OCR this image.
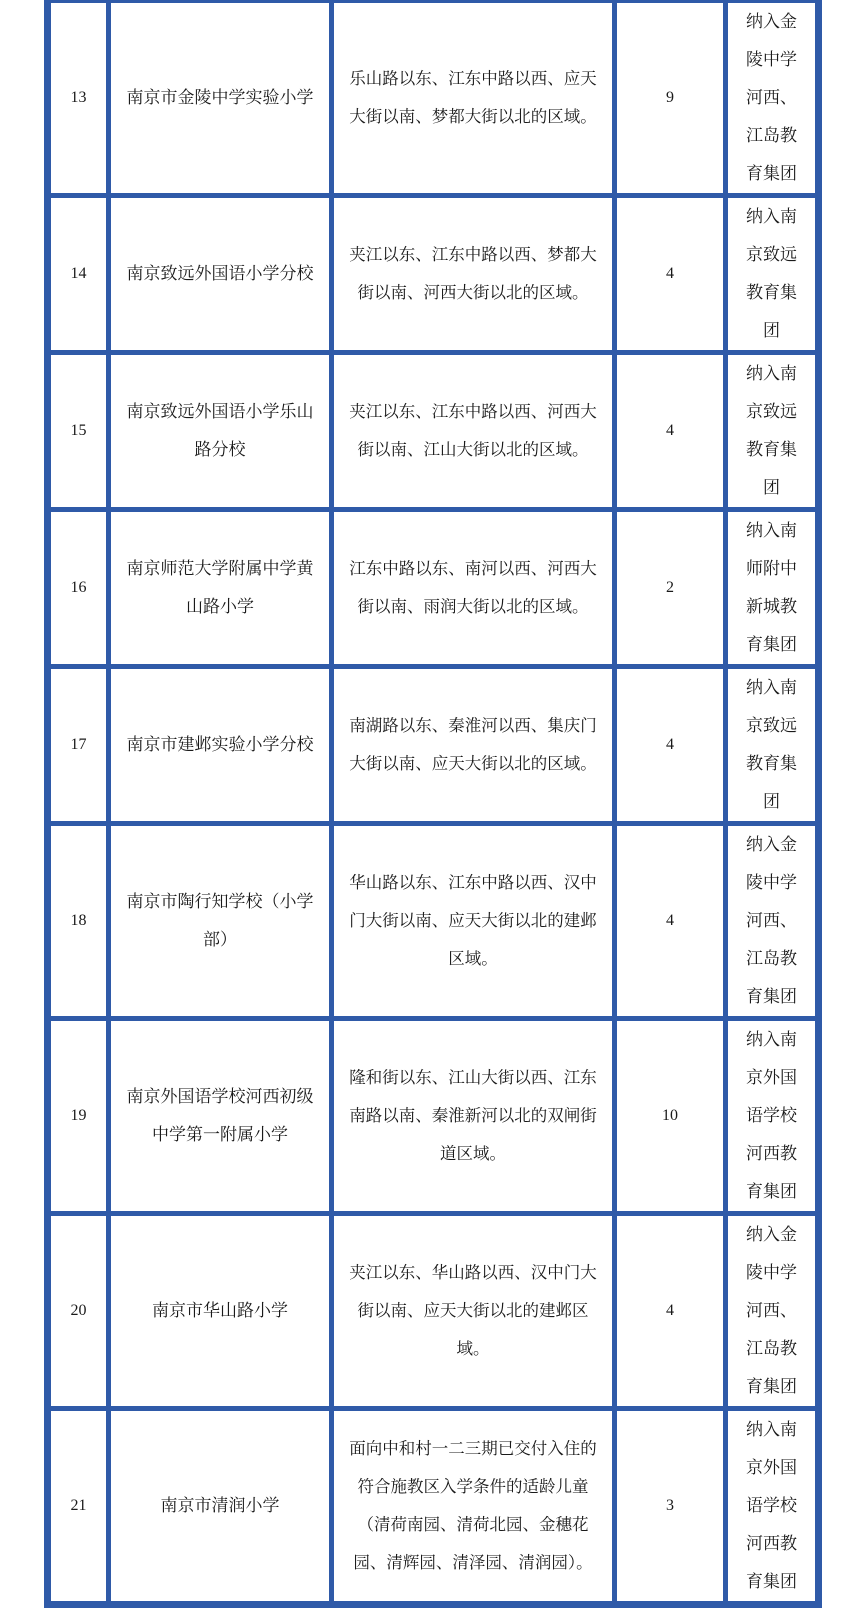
13	南京市金陵中学实验小学	乐山路以东、江东中路以西、应天大街以南、梦都大街以北的区域。	9	纳入金陵中学河西、江岛教育集团
14	南京致远外国语小学分校	夹江以东、江东中路以西、梦都大街以南、河西大街以北的区域。	4	纳入南京致远教育集团
15	南京致远外国语小学乐山路分校	夹江以东、江东中路以西、河西大街以南、江山大街以北的区域。	4	纳入南京致远教育集团
16	南京师范大学附属中学黄山路小学	江东中路以东、南河以西、河西大街以南、雨润大街以北的区域。	2	纳入南师附中新城教育集团
17	南京市建邺实验小学分校	南湖路以东、秦淮河以西、集庆门大街以南、应天大街以北的区域。	4	纳入南京致远教育集团
18	南京市陶行知学校（小学部）	华山路以东、江东中路以西、汉中门大街以南、应天大街以北的建邺区域。	4	纳入金陵中学河西、江岛教育集团
19	南京外国语学校河西初级中学第一附属小学	隆和街以东、江山大街以西、江东南路以南、秦淮新河以北的双闸街道区域。	10	纳入南京外国语学校河西教育集团
20	南京市华山路小学	夹江以东、华山路以西、汉中门大街以南、应天大街以北的建邺区域。	4	纳入金陵中学河西、江岛教育集团
21	南京市清润小学	面向中和村一二三期已交付入住的符合施教区入学条件的适龄儿童（清荷南园、清荷北园、金穗花园、清辉园、清泽园、清润园）。	3	纳入南京外国语学校河西教育集团
